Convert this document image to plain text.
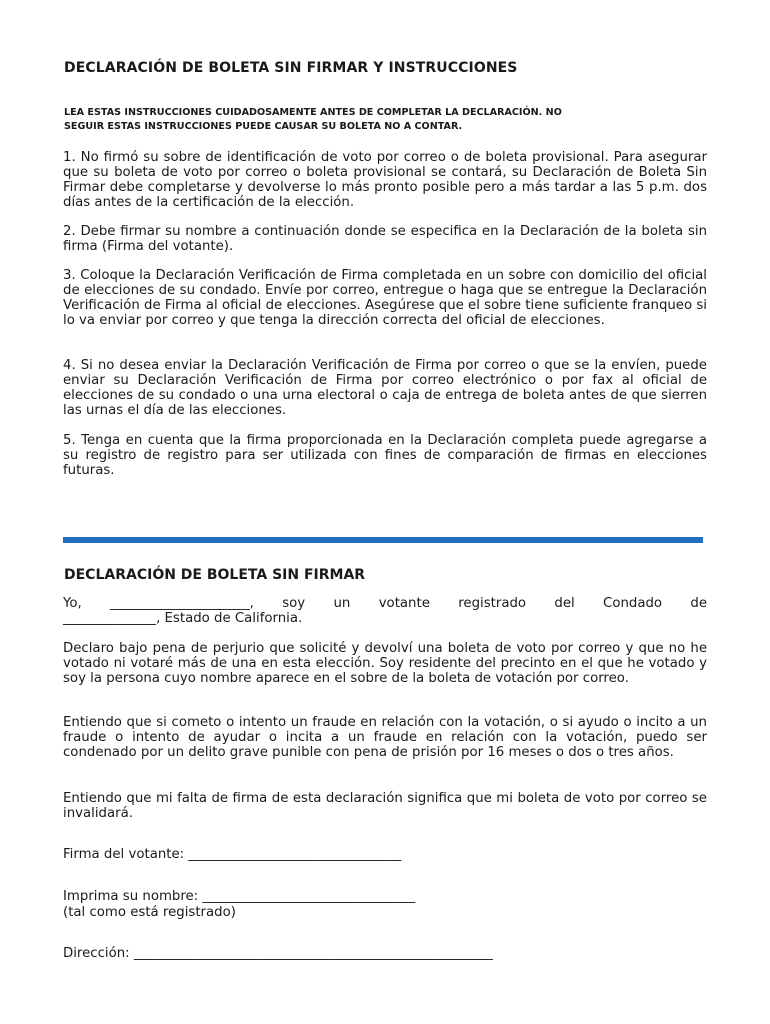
DECLARACIÓN DE BOLETA SIN FIRMAR Y INSTRUCCIONES
LEA ESTAS INSTRUCCIONES CUIDADOSAMENTE ANTES DE COMPLETAR LA DECLARACIÓN. NO
SEGUIR ESTAS INSTRUCCIONES PUEDE CAUSAR SU BOLETA NO A CONTAR.
1. No firmó su sobre de identificación de voto por correo o de boleta provisional. Para asegurar que su boleta de voto por correo o boleta provisional se contará, su Declaración de Boleta Sin Firmar debe completarse y devolverse lo más pronto posible pero a más tardar a las 5 p.m. dos días antes de la certificación de la elección.
2. Debe firmar su nombre a continuación donde se especifica en la Declaración de la boleta sin firma (Firma del votante).
3. Coloque la Declaración Verificación de Firma completada en un sobre con domicilio del oficial de elecciones de su condado. Envíe por correo, entregue o haga que se entregue la Declaración Verificación de Firma al oficial de elecciones. Asegúrese que el sobre tiene suficiente franqueo si lo va enviar por correo y que tenga la dirección correcta del oficial de elecciones.
4. Si no desea enviar la Declaración Verificación de Firma por correo o que se la envíen, puede enviar su Declaración Verificación de Firma por correo electrónico o por fax al oficial de elecciones de su condado o una urna electoral o caja de entrega de boleta antes de que sierren las urnas el día de las elecciones.
5. Tenga en cuenta que la firma proporcionada en la Declaración completa puede agregarse a su registro de registro para ser utilizada con fines de comparación de firmas en elecciones futuras.
DECLARACIÓN DE BOLETA SIN FIRMAR
Yo, _____________________, soy un votante registrado del Condado de
______________, Estado de California.
Declaro bajo pena de perjurio que solicité y devolví una boleta de voto por correo y que no he votado ni votaré más de una en esta elección. Soy residente del precinto en el que he votado y soy la persona cuyo nombre aparece en el sobre de la boleta de votación por correo.
Entiendo que si cometo o intento un fraude en relación con la votación, o si ayudo o incito a un fraude o intento de ayudar o incita a un fraude en relación con la votación, puedo ser condenado por un delito grave punible con pena de prisión por 16 meses o dos o tres años.
Entiendo que mi falta de firma de esta declaración significa que mi boleta de voto por correo se invalidará.
Firma del votante: ________________________________
Imprima su nombre: ________________________________
(tal como está registrado)
Dirección: ______________________________________________________
